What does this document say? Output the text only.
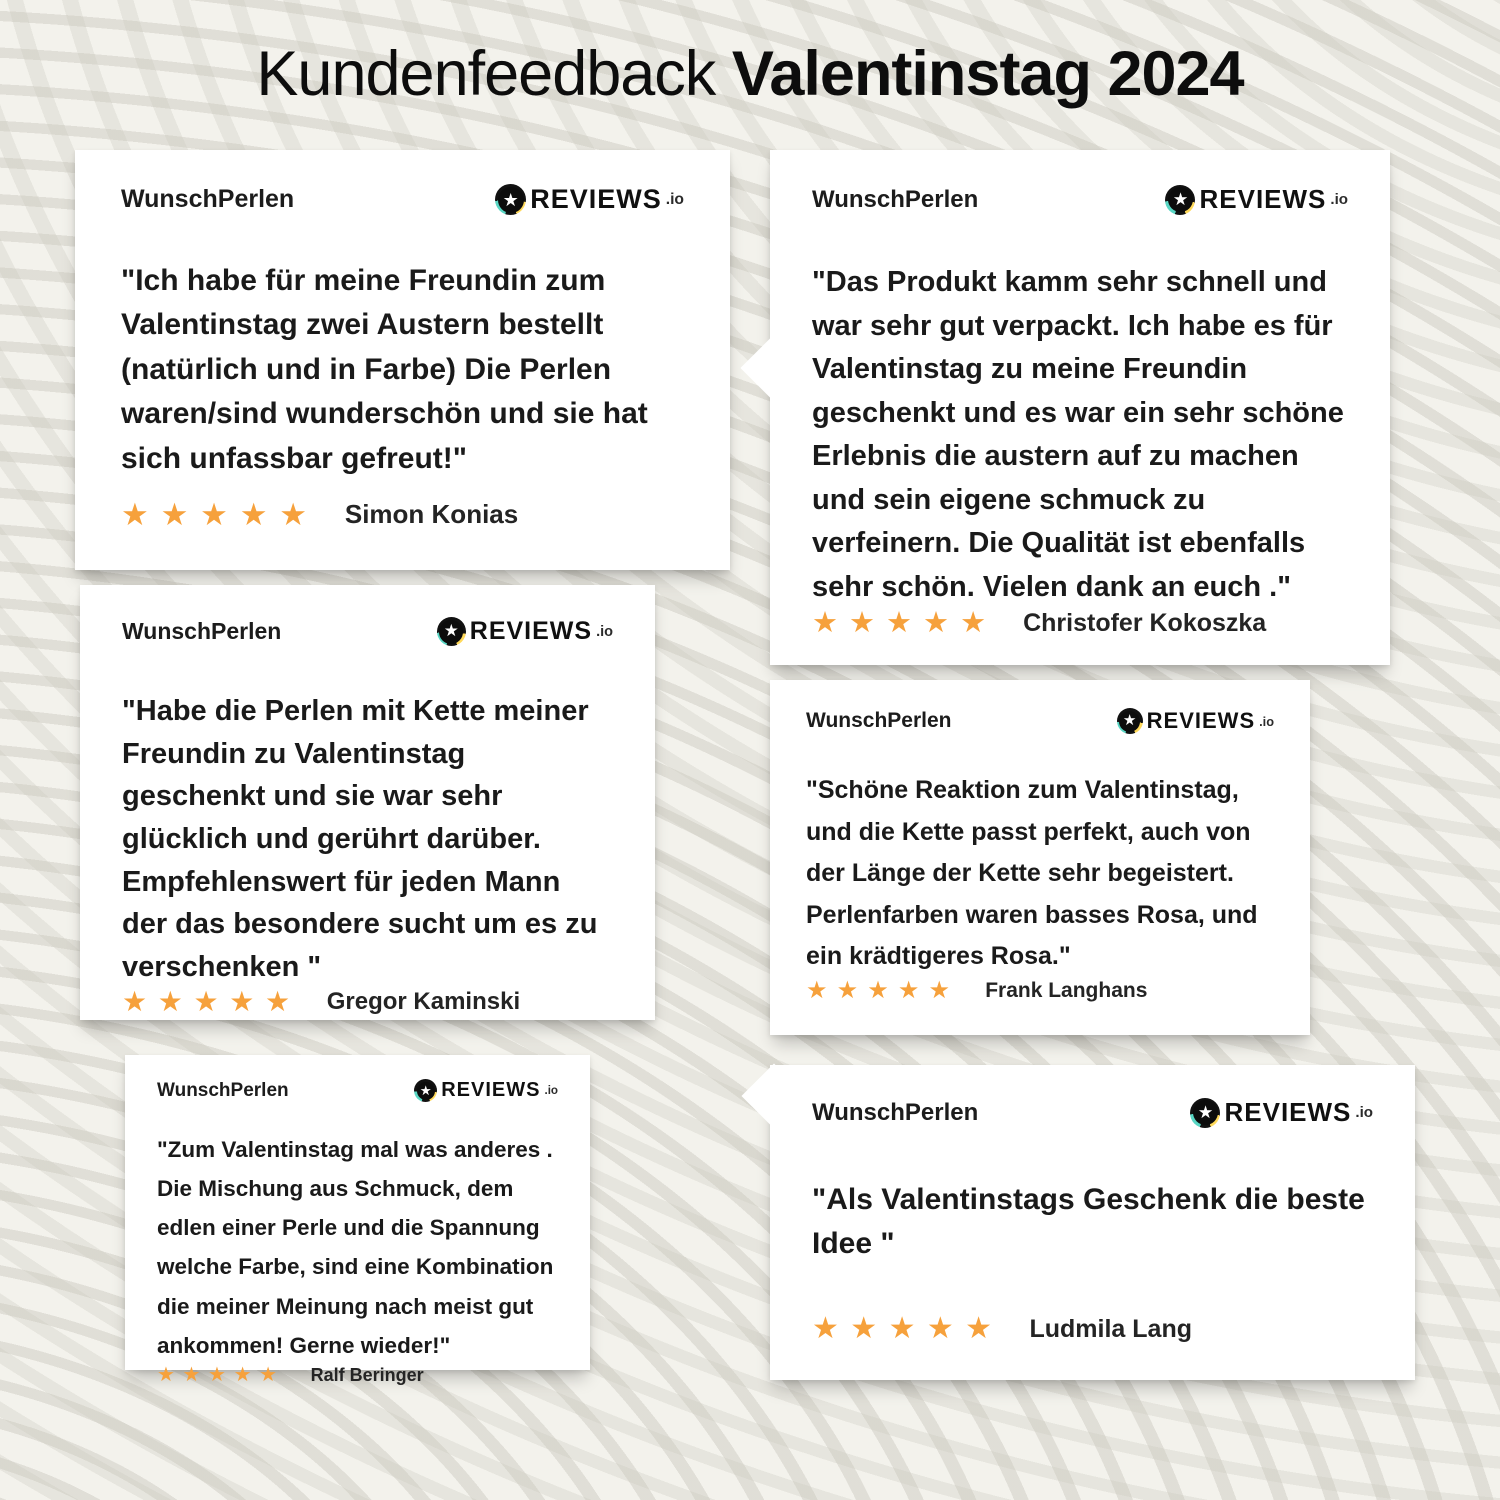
Kundenfeedback Valentinstag 2024
WunschPerlen	★ REVIEWS .io
"Ich habe für meine Freundin zum Valentinstag zwei Austern bestellt (natürlich und in Farbe) Die Perlen waren/sind wunderschön und sie hat sich unfassbar gefreut!"
★★★★★ Simon Konias
WunschPerlen	★ REVIEWS .io
"Das Produkt kamm sehr schnell und war sehr gut verpackt. Ich habe es für Valentinstag zu meine Freundin geschenkt und es war ein sehr schöne Erlebnis die austern auf zu machen und sein eigene schmuck zu verfeinern. Die Qualität ist ebenfalls sehr schön. Vielen dank an euch ."
★★★★★ Christofer Kokoszka
WunschPerlen	★ REVIEWS .io
"Habe die Perlen mit Kette meiner Freundin zu Valentinstag geschenkt und sie war sehr glücklich und gerührt darüber. Empfehlenswert für jeden Mann der das besondere sucht um es zu verschenken "
★★★★★ Gregor Kaminski
WunschPerlen	★ REVIEWS .io
"Schöne Reaktion zum Valentinstag, und die Kette passt perfekt, auch von der Länge der Kette sehr begeistert. Perlenfarben waren basses Rosa, und ein krädtigeres Rosa."
★★★★★ Frank Langhans
WunschPerlen	★ REVIEWS .io
"Zum Valentinstag mal was anderes . Die Mischung aus Schmuck, dem edlen einer Perle und die Spannung welche Farbe, sind eine Kombination die meiner Meinung nach meist gut ankommen! Gerne wieder!"
★★★★★ Ralf Beringer
WunschPerlen	★ REVIEWS .io
"Als Valentinstags Geschenk die beste Idee "
★★★★★ Ludmila Lang
